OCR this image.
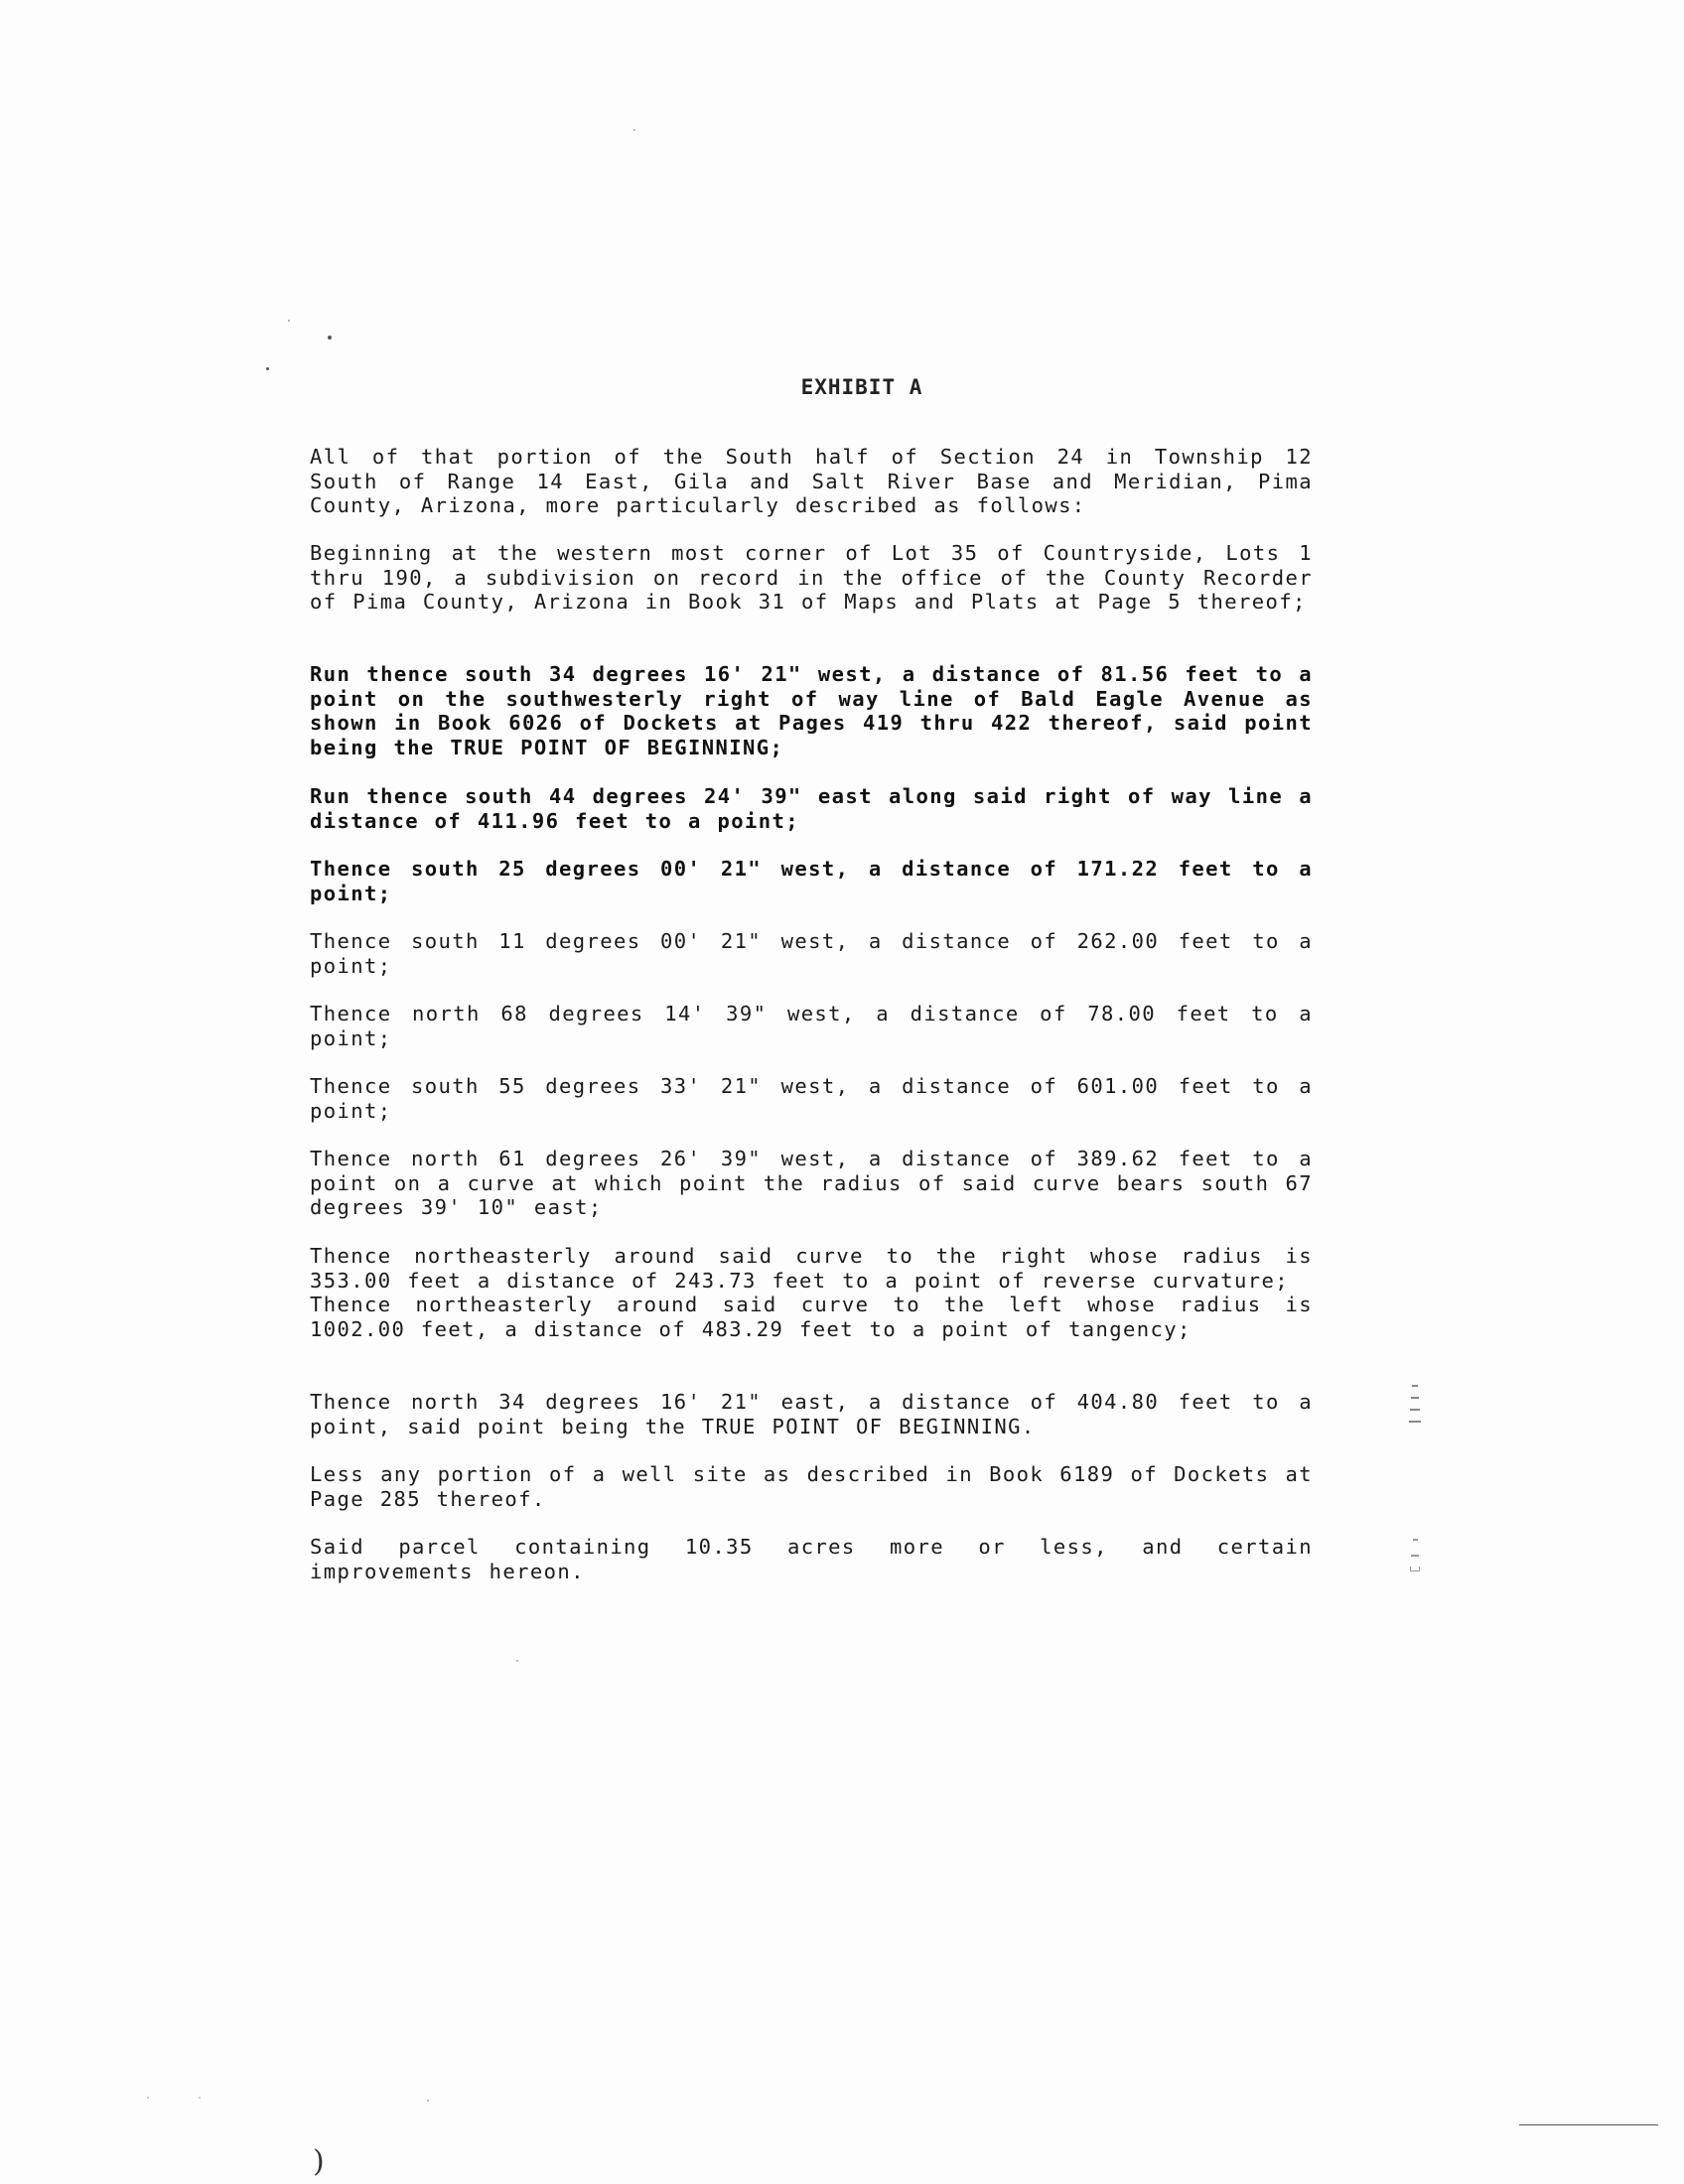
EXHIBIT A
All of that portion of the South half of Section 24 in Township 12 South of Range 14 East, Gila and Salt River Base and Meridian, Pima County, Arizona, more particularly described as follows:
Beginning at the western most corner of Lot 35 of Countryside, Lots 1 thru 190, a subdivision on record in the office of the County Recorder of Pima County, Arizona in Book 31 of Maps and Plats at Page 5 thereof;
Run thence south 34 degrees 16' 21" west, a distance of 81.56 feet to a point on the southwesterly right of way line of Bald Eagle Avenue as shown in Book 6026 of Dockets at Pages 419 thru 422 thereof, said point being the TRUE POINT OF BEGINNING;
Run thence south 44 degrees 24' 39" east along said right of way line a distance of 411.96 feet to a point;
Thence south 25 degrees 00' 21" west, a distance of 171.22 feet to a point;
Thence south 11 degrees 00' 21" west, a distance of 262.00 feet to a point;
Thence north 68 degrees 14' 39" west, a distance of 78.00 feet to a point;
Thence south 55 degrees 33' 21" west, a distance of 601.00 feet to a point;
Thence north 61 degrees 26' 39" west, a distance of 389.62 feet to a point on a curve at which point the radius of said curve bears south 67 degrees 39' 10" east;
Thence northeasterly around said curve to the right whose radius is 353.00 feet a distance of 243.73 feet to a point of reverse curvature;
Thence northeasterly around said curve to the left whose radius is 1002.00 feet, a distance of 483.29 feet to a point of tangency;
Thence north 34 degrees 16' 21" east, a distance of 404.80 feet to a point, said point being the TRUE POINT OF BEGINNING.
Less any portion of a well site as described in Book 6189 of Dockets at Page 285 thereof.
Said parcel containing 10.35 acres more or less, and certain improvements hereon.
)
